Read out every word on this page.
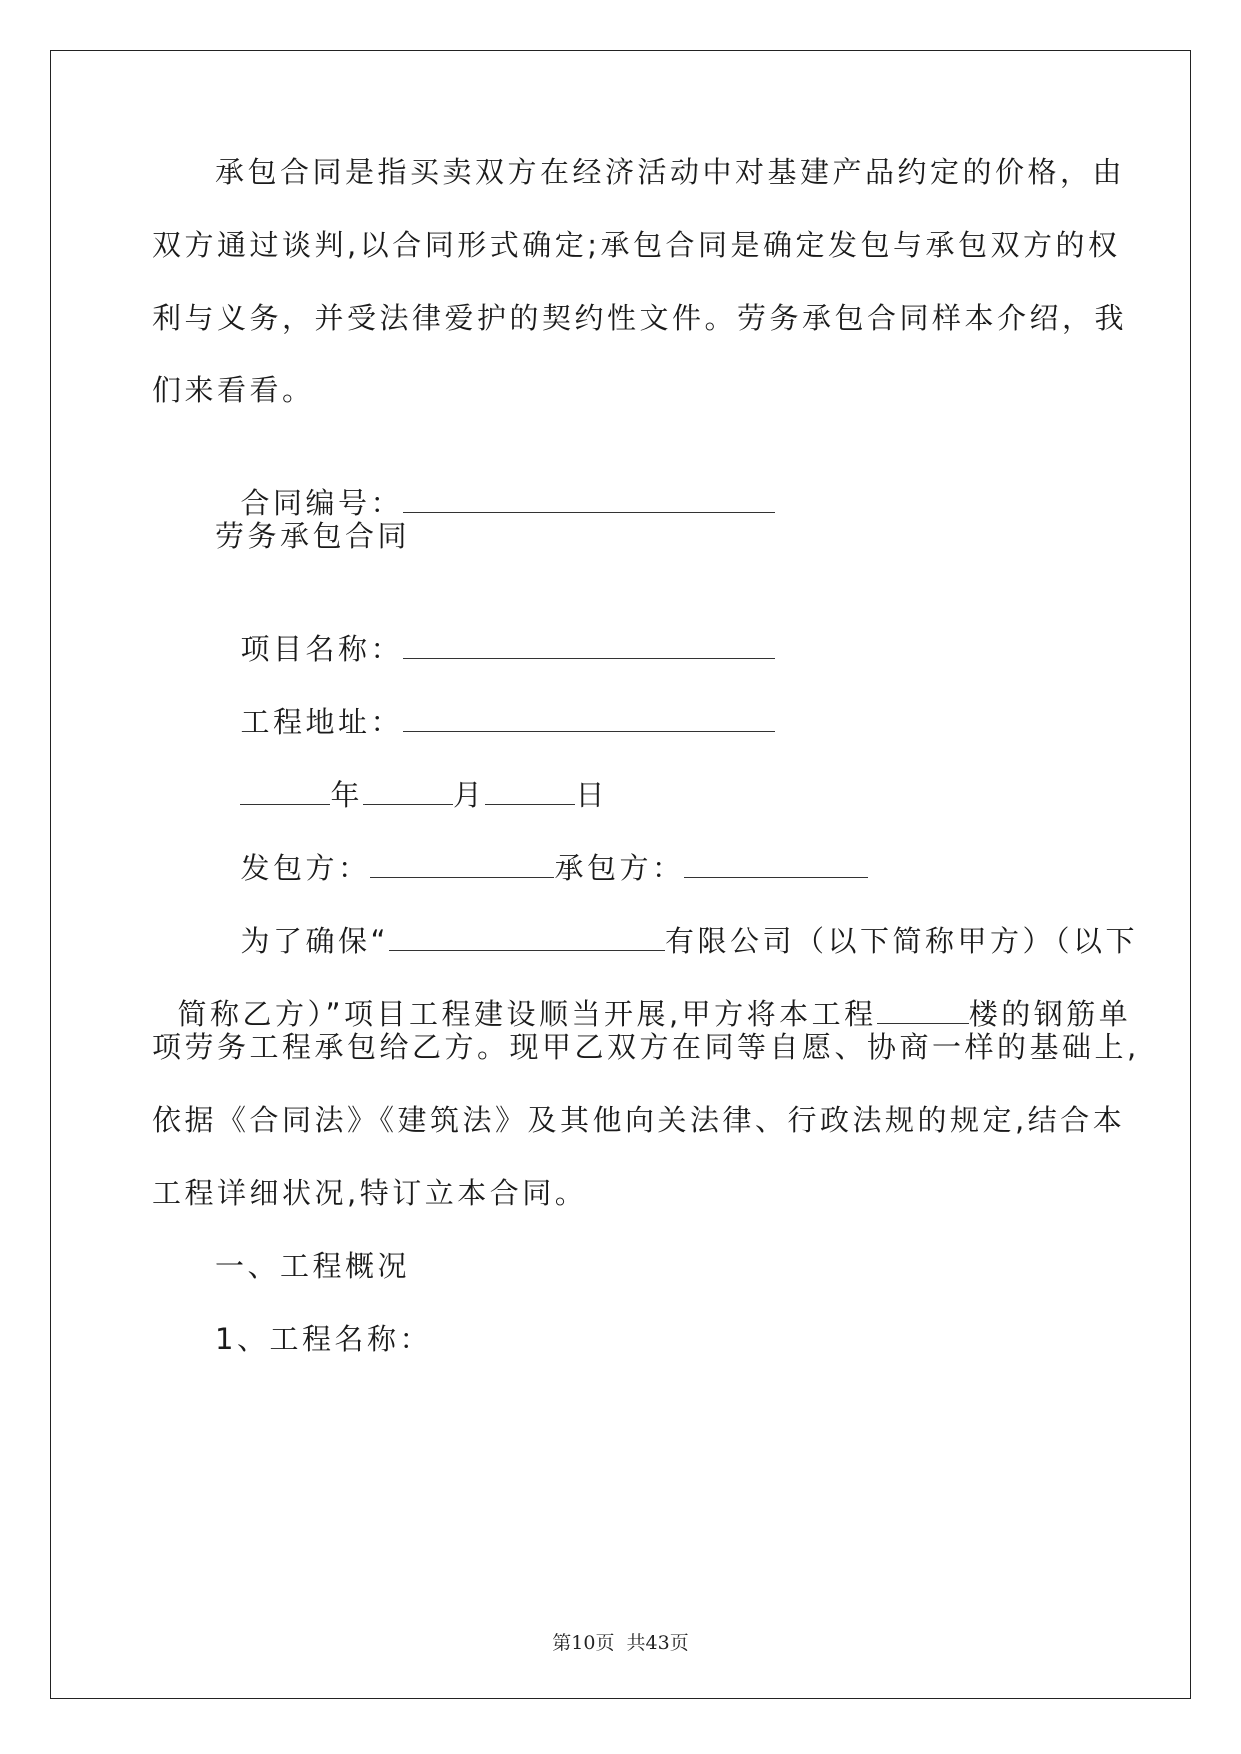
承包合同是指买卖双方在经济活动中对基建产品约定的价格，由
双方通过谈判,以合同形式确定;承包合同是确定发包与承包双方的权
利与义务，并受法律爱护的契约性文件。劳务承包合同样本介绍，我
们来看看。

合同编号：

劳务承包合同

项目名称：

工程地址：

年	月	日

发包方：	承包方：

为了确保“	有限公司（以下简称甲方）（以下

简称乙方）”项目工程建设顺当开展,甲方将本工程	楼的钢筋单

项劳务工程承包给乙方。现甲乙双方在同等自愿、协商一样的基础上,
依据《合同法》《建筑法》及其他向关法律、行政法规的规定,结合本
工程详细状况,特订立本合同。
一、工程概况
1、工程名称：
第10页  共43页
